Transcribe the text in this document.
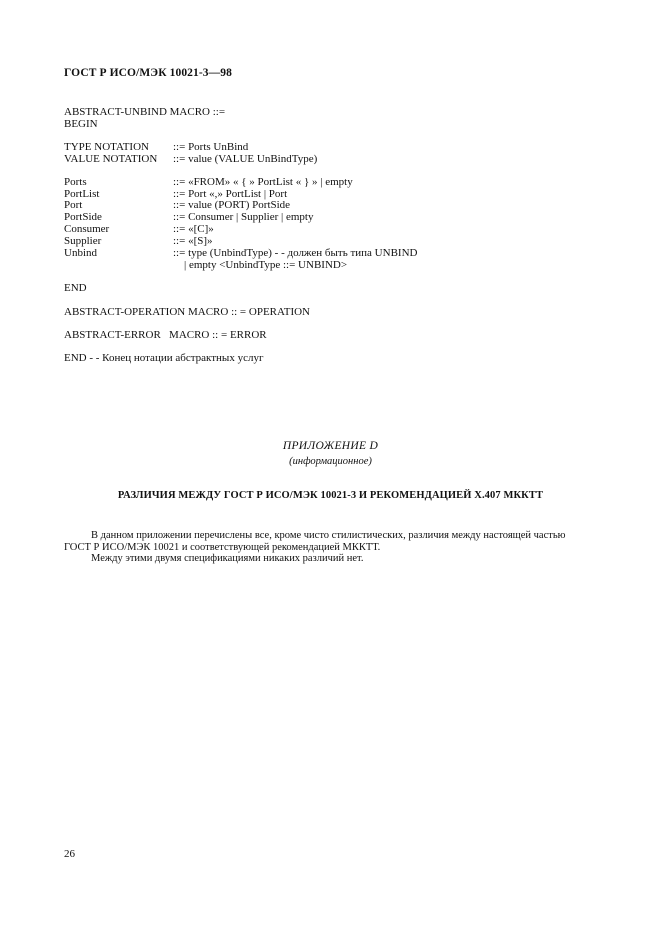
ГОСТ Р ИСО/МЭК 10021-3—98
ABSTRACT-UNBIND MACRO ::=
BEGIN
TYPE NOTATION ::= Ports UnBind
VALUE NOTATION ::= value (VALUE UnBindType)
Ports	::= «FROM» « { » PortList « } » | empty
PortList	::= Port «,» PortList | Port
Port	::= value (PORT) PortSide
PortSide	::= Consumer | Supplier | empty
Consumer	::= «[C]»
Supplier	::= «[S]»
Unbind	::= type (UnbindType) - - должен быть типа UNBIND
| empty <UnbindType ::= UNBIND>
END
ABSTRACT-OPERATION MACRO :: = OPERATION
ABSTRACT-ERROR   MACRO :: = ERROR
END - - Конец нотации абстрактных услуг
ПРИЛОЖЕНИЕ D
(информационное)
РАЗЛИЧИЯ МЕЖДУ ГОСТ Р ИСО/МЭК 10021-3 И РЕКОМЕНДАЦИЕЙ X.407 МККТТ
В данном приложении перечислены все, кроме чисто стилистических, различия между настоящей частью
ГОСТ Р ИСО/МЭК 10021 и соответствующей рекомендацией МККТТ.
Между этими двумя спецификациями никаких различий нет.
26
